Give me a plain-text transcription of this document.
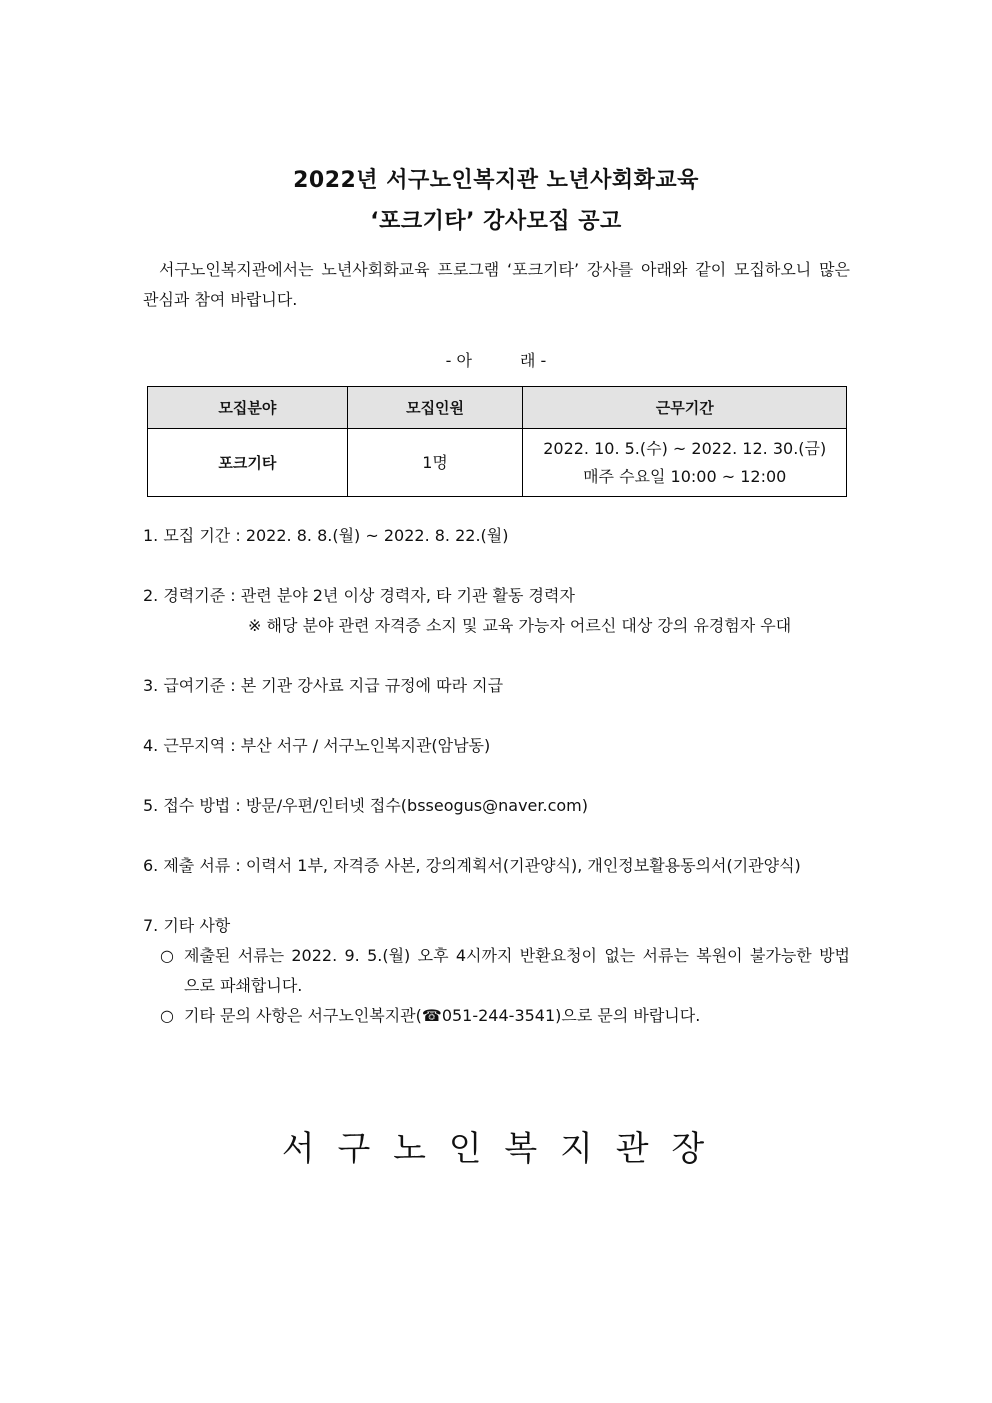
2022년 서구노인복지관 노년사회화교육
‘포크기타’ 강사모집 공고
서구노인복지관에서는 노년사회화교육 프로그램 ‘포크기타’ 강사를 아래와 같이 모집하오니 많은
관심과 참여 바랍니다.
- 아　　　래 -
모집분야	모집인원	근무기간
포크기타	1명	2022. 10. 5.(수) ~ 2022. 12. 30.(금)
매주 수요일 10:00 ~ 12:00
1. 모집 기간 : 2022. 8. 8.(월) ~ 2022. 8. 22.(월)
2. 경력기준 : 관련 분야 2년 이상 경력자, 타 기관 활동 경력자
※ 해당 분야 관련 자격증 소지 및 교육 가능자 어르신 대상 강의 유경험자 우대
3. 급여기준 : 본 기관 강사료 지급 규정에 따라 지급
4. 근무지역 : 부산 서구 / 서구노인복지관(암남동)
5. 접수 방법 : 방문/우편/인터넷 접수(bsseogus@naver.com)
6. 제출 서류 : 이력서 1부, 자격증 사본, 강의계획서(기관양식), 개인정보활용동의서(기관양식)
7. 기타 사항
○ 제출된 서류는 2022. 9. 5.(월) 오후 4시까지 반환요청이 없는 서류는 복원이 불가능한 방법
으로 파쇄합니다.
○ 기타 문의 사항은 서구노인복지관(☎051-244-3541)으로 문의 바랍니다.
서 구 노 인 복 지 관 장
